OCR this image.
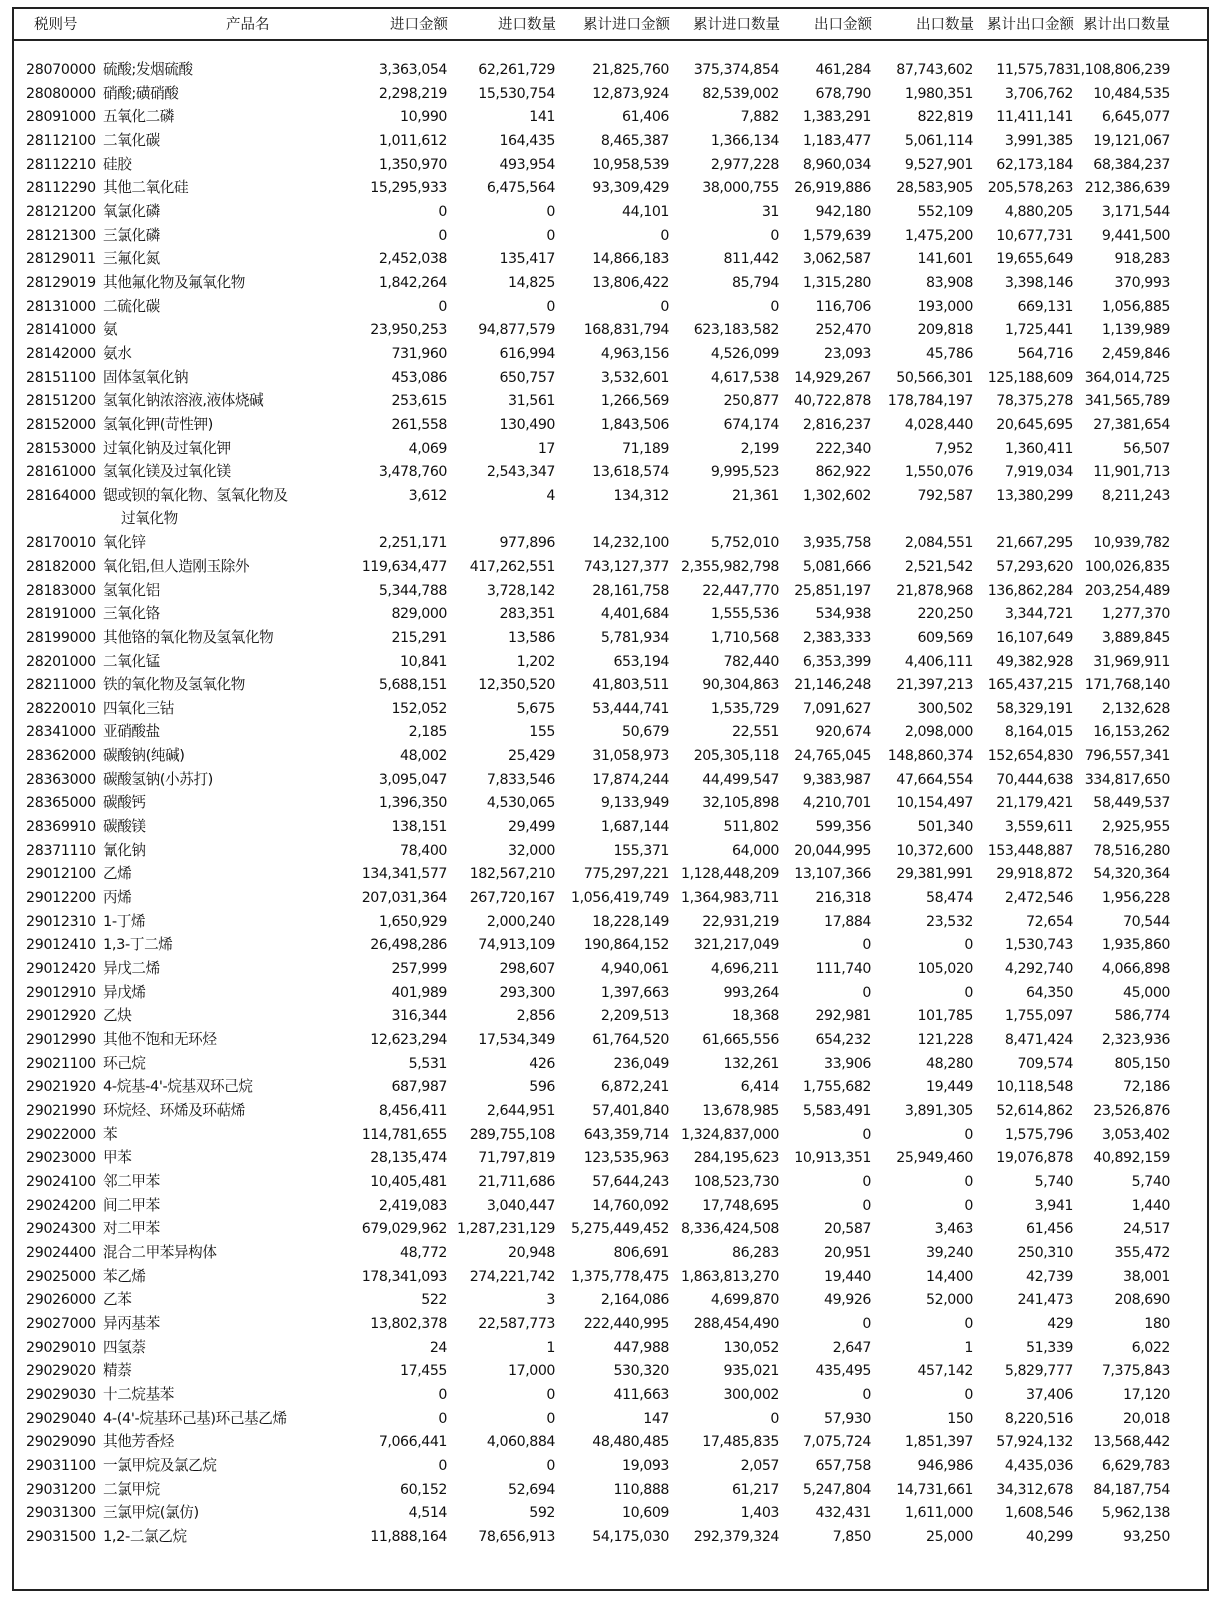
税则号	产品名	进口金额	进口数量	累计进口金额	累计进口数量	出口金额	出口数量 累计出口金额 累计出口数量
28070000 硫酸;发烟硫酸	3,363,054	62,261,729	21,825,760	375,374,854	461,284	87,743,602	11,575,783 1,108,806,239
28080000 硝酸;磺硝酸	2,298,219	15,530,754	12,873,924	82,539,002	678,790	1,980,351	3,706,762	10,484,535
28091000 五氧化二磷	10,990	141	61,406	7,882	1,383,291	822,819	11,411,141	6,645,077
28112100 二氧化碳	1,011,612	164,435	8,465,387	1,366,134	1,183,477	5,061,114	3,991,385	19,121,067
28112210 硅胶	1,350,970	493,954	10,958,539	2,977,228	8,960,034	9,527,901	62,173,184	68,384,237
28112290 其他二氧化硅	15,295,933	6,475,564	93,309,429	38,000,755	26,919,886	28,583,905	205,578,263 212,386,639
28121200 氧氯化磷	0	0	44,101	31	942,180	552,109	4,880,205	3,171,544
28121300 三氯化磷	0	0	0	0	1,579,639	1,475,200	10,677,731	9,441,500
28129011 三氟化氮	2,452,038	135,417	14,866,183	811,442	3,062,587	141,601	19,655,649	918,283
28129019 其他氟化物及氟氧化物	1,842,264	14,825	13,806,422	85,794	1,315,280	83,908	3,398,146	370,993
28131000 二硫化碳	0	0	0	0	116,706	193,000	669,131	1,056,885
28141000 氨	23,950,253	94,877,579	168,831,794	623,183,582	252,470	209,818	1,725,441	1,139,989
28142000 氨水	731,960	616,994	4,963,156	4,526,099	23,093	45,786	564,716	2,459,846
28151100 固体氢氧化钠	453,086	650,757	3,532,601	4,617,538	14,929,267	50,566,301	125,188,609 364,014,725
28151200 氢氧化钠浓溶液,液体烧碱	253,615	31,561	1,266,569	250,877	40,722,878	178,784,197	78,375,278 341,565,789
28152000 氢氧化钾(苛性钾)	261,558	130,490	1,843,506	674,174	2,816,237	4,028,440	20,645,695	27,381,654
28153000 过氧化钠及过氧化钾	4,069	17	71,189	2,199	222,340	7,952	1,360,411	56,507
28161000 氢氧化镁及过氧化镁	3,478,760	2,543,347	13,618,574	9,995,523	862,922	1,550,076	7,919,034	11,901,713
28164000 锶或钡的氧化物、氢氧化物及
过氧化物
3,612	4	134,312	21,361	1,302,602	792,587	13,380,299	8,211,243
28170010 氧化锌	2,251,171	977,896	14,232,100	5,752,010	3,935,758	2,084,551	21,667,295	10,939,782
28182000 氧化铝,但人造刚玉除外	119,634,477	417,262,551	743,127,377 2,355,982,798	5,081,666	2,521,542	57,293,620 100,026,835
28183000 氢氧化铝	5,344,788	3,728,142	28,161,758	22,447,770	25,851,197	21,878,968	136,862,284 203,254,489
28191000 三氧化铬	829,000	283,351	4,401,684	1,555,536	534,938	220,250	3,344,721	1,277,370
28199000 其他铬的氧化物及氢氧化物	215,291	13,586	5,781,934	1,710,568	2,383,333	609,569	16,107,649	3,889,845
28201000 二氧化锰	10,841	1,202	653,194	782,440	6,353,399	4,406,111	49,382,928	31,969,911
28211000 铁的氧化物及氢氧化物	5,688,151	12,350,520	41,803,511	90,304,863	21,146,248	21,397,213	165,437,215 171,768,140
28220010 四氧化三钴	152,052	5,675	53,444,741	1,535,729	7,091,627	300,502	58,329,191	2,132,628
28341000 亚硝酸盐	2,185	155	50,679	22,551	920,674	2,098,000	8,164,015	16,153,262
28362000 碳酸钠(纯碱)	48,002	25,429	31,058,973	205,305,118	24,765,045	148,860,374	152,654,830 796,557,341
28363000 碳酸氢钠(小苏打)	3,095,047	7,833,546	17,874,244	44,499,547	9,383,987	47,664,554	70,444,638 334,817,650
28365000 碳酸钙	1,396,350	4,530,065	9,133,949	32,105,898	4,210,701	10,154,497	21,179,421	58,449,537
28369910 碳酸镁	138,151	29,499	1,687,144	511,802	599,356	501,340	3,559,611	2,925,955
28371110 氰化钠	78,400	32,000	155,371	64,000	20,044,995	10,372,600	153,448,887	78,516,280
29012100 乙烯	134,341,577	182,567,210	775,297,221 1,128,448,209	13,107,366	29,381,991	29,918,872	54,320,364
29012200 丙烯	207,031,364	267,720,167	1,056,419,749 1,364,983,711	216,318	58,474	2,472,546	1,956,228
29012310 1-丁烯	1,650,929	2,000,240	18,228,149	22,931,219	17,884	23,532	72,654	70,544
29012410 1,3-丁二烯	26,498,286	74,913,109	190,864,152	321,217,049	0	0	1,530,743	1,935,860
29012420 异戊二烯	257,999	298,607	4,940,061	4,696,211	111,740	105,020	4,292,740	4,066,898
29012910 异戊烯	401,989	293,300	1,397,663	993,264	0	0	64,350	45,000
29012920 乙炔	316,344	2,856	2,209,513	18,368	292,981	101,785	1,755,097	586,774
29012990 其他不饱和无环烃	12,623,294	17,534,349	61,764,520	61,665,556	654,232	121,228	8,471,424	2,323,936
29021100 环己烷	5,531	426	236,049	132,261	33,906	48,280	709,574	805,150
29021920 4-烷基-4'-烷基双环己烷	687,987	596	6,872,241	6,414	1,755,682	19,449	10,118,548	72,186
29021990 环烷烃、环烯及环萜烯	8,456,411	2,644,951	57,401,840	13,678,985	5,583,491	3,891,305	52,614,862	23,526,876
29022000 苯	114,781,655	289,755,108	643,359,714 1,324,837,000	0	0	1,575,796	3,053,402
29023000 甲苯	28,135,474	71,797,819	123,535,963	284,195,623	10,913,351	25,949,460	19,076,878	40,892,159
29024100 邻二甲苯	10,405,481	21,711,686	57,644,243	108,523,730	0	0	5,740	5,740
29024200 间二甲苯	2,419,083	3,040,447	14,760,092	17,748,695	0	0	3,941	1,440
29024300 对二甲苯	679,029,962 1,287,231,129	5,275,449,452 8,336,424,508	20,587	3,463	61,456	24,517
29024400 混合二甲苯异构体	48,772	20,948	806,691	86,283	20,951	39,240	250,310	355,472
29025000 苯乙烯	178,341,093	274,221,742	1,375,778,475 1,863,813,270	19,440	14,400	42,739	38,001
29026000 乙苯	522	3	2,164,086	4,699,870	49,926	52,000	241,473	208,690
29027000 异丙基苯	13,802,378	22,587,773	222,440,995	288,454,490	0	0	429	180
29029010 四氢萘	24	1	447,988	130,052	2,647	1	51,339	6,022
29029020 精萘	17,455	17,000	530,320	935,021	435,495	457,142	5,829,777	7,375,843
29029030 十二烷基苯	0	0	411,663	300,002	0	0	37,406	17,120
29029040 4-(4'-烷基环己基)环己基乙烯	0	0	147	0	57,930	150	8,220,516	20,018
29029090 其他芳香烃	7,066,441	4,060,884	48,480,485	17,485,835	7,075,724	1,851,397	57,924,132	13,568,442
29031100 一氯甲烷及氯乙烷	0	0	19,093	2,057	657,758	946,986	4,435,036	6,629,783
29031200 二氯甲烷	60,152	52,694	110,888	61,217	5,247,804	14,731,661	34,312,678	84,187,754
29031300 三氯甲烷(氯仿)	4,514	592	10,609	1,403	432,431	1,611,000	1,608,546	5,962,138
29031500 1,2-二氯乙烷	11,888,164	78,656,913	54,175,030	292,379,324	7,850	25,000	40,299	93,250
